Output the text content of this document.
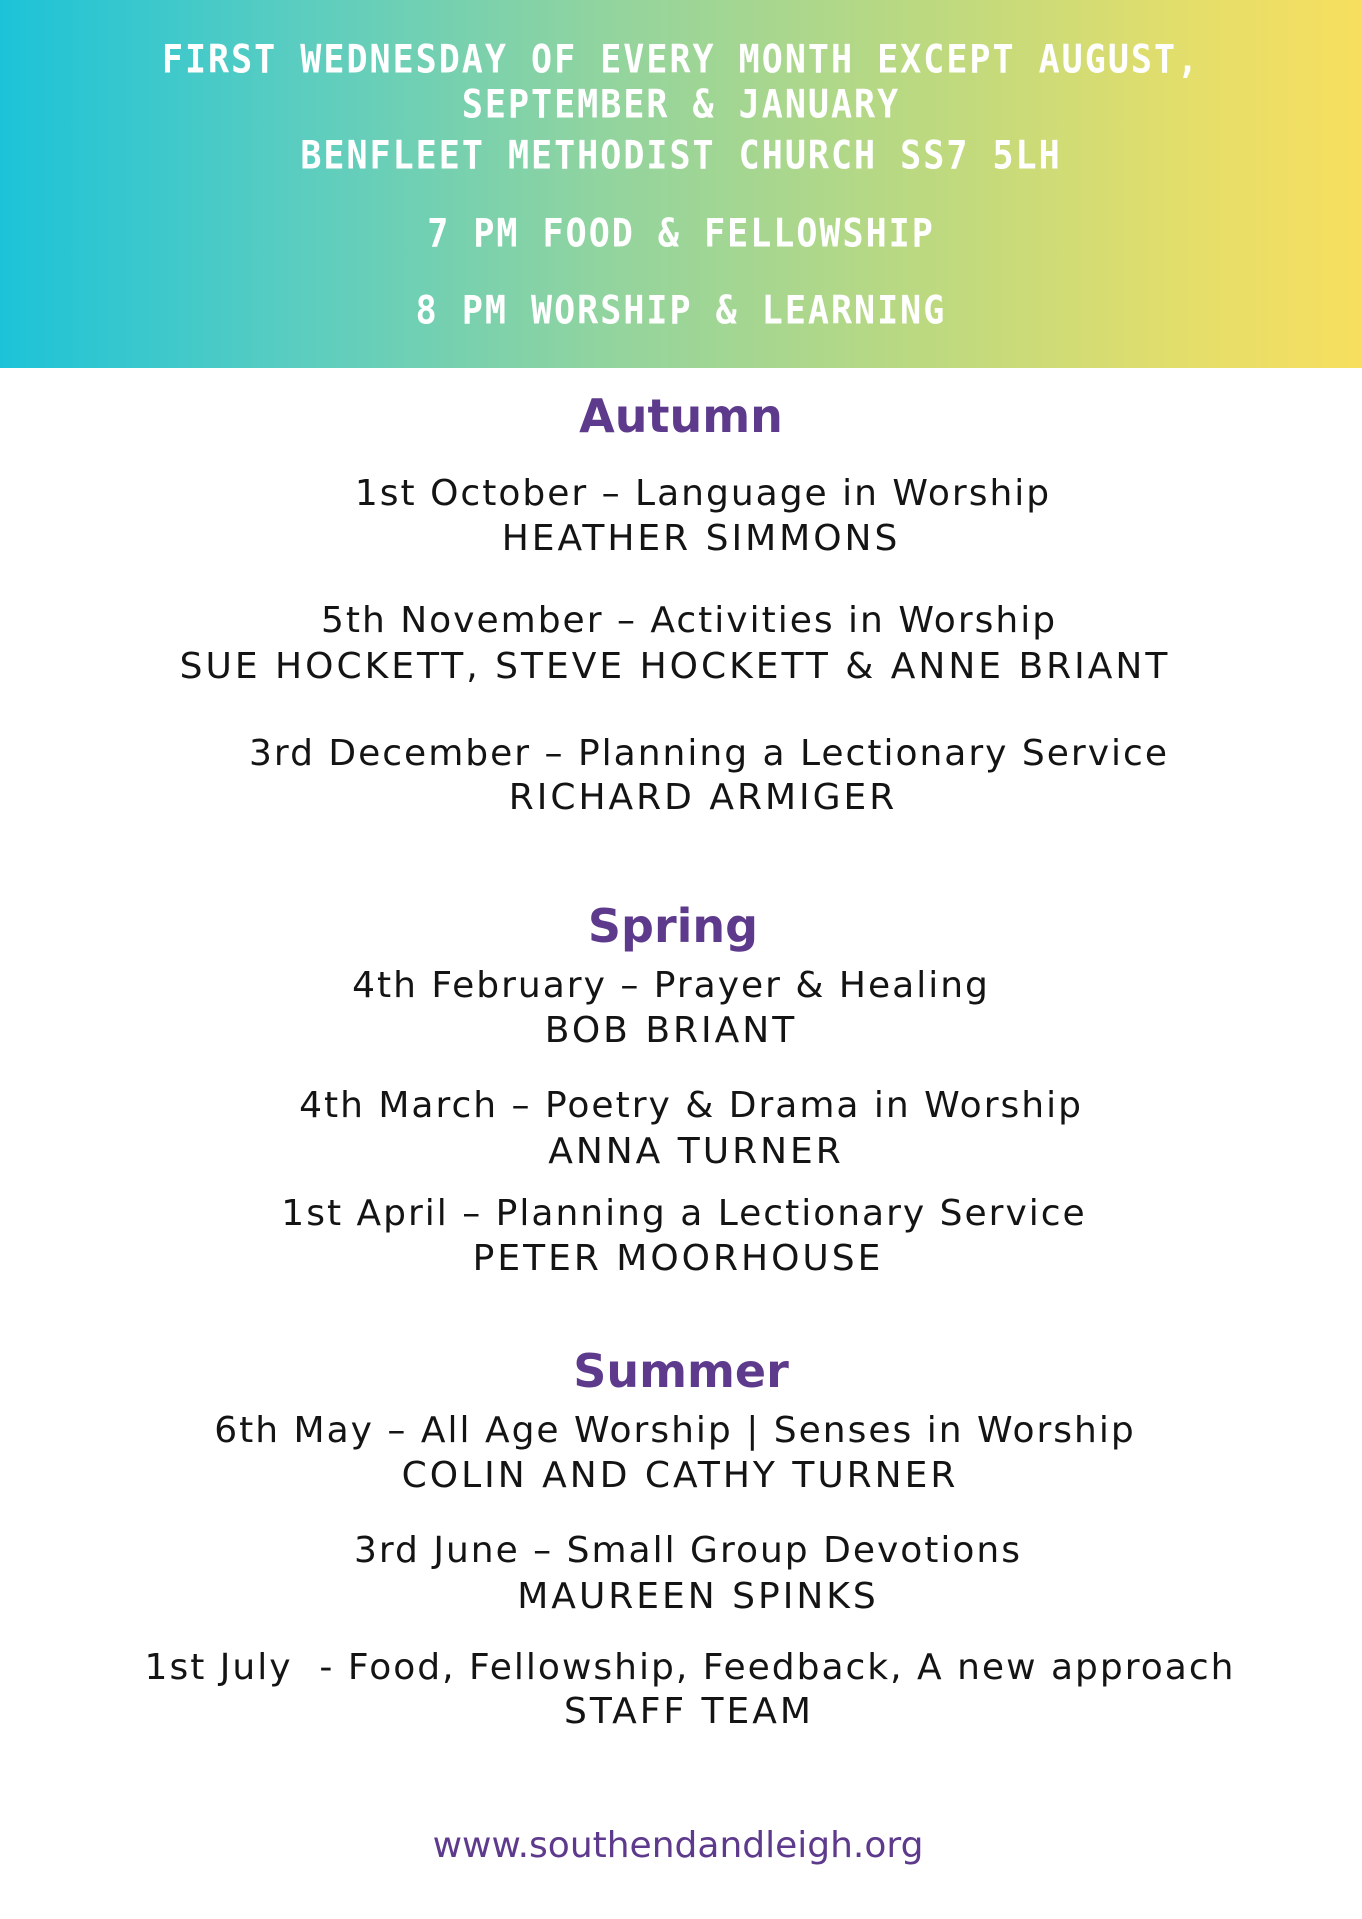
FIRST WEDNESDAY OF EVERY MONTH EXCEPT AUGUST,
SEPTEMBER & JANUARY
BENFLEET METHODIST CHURCH SS7 5LH
7 PM FOOD & FELLOWSHIP
8 PM WORSHIP & LEARNING
Autumn
1st October – Language in Worship
HEATHER SIMMONS
5th November – Activities in Worship
SUE HOCKETT, STEVE HOCKETT & ANNE BRIANT
3rd December – Planning a Lectionary Service
RICHARD ARMIGER
Spring
4th February – Prayer & Healing
BOB BRIANT
4th March – Poetry & Drama in Worship
ANNA TURNER
1st April – Planning a Lectionary Service
PETER MOORHOUSE
Summer
6th May – All Age Worship | Senses in Worship
COLIN AND CATHY TURNER
3rd June – Small Group Devotions
MAUREEN SPINKS
1st July  - Food, Fellowship, Feedback, A new approach
STAFF TEAM
www.southendandleigh.org
